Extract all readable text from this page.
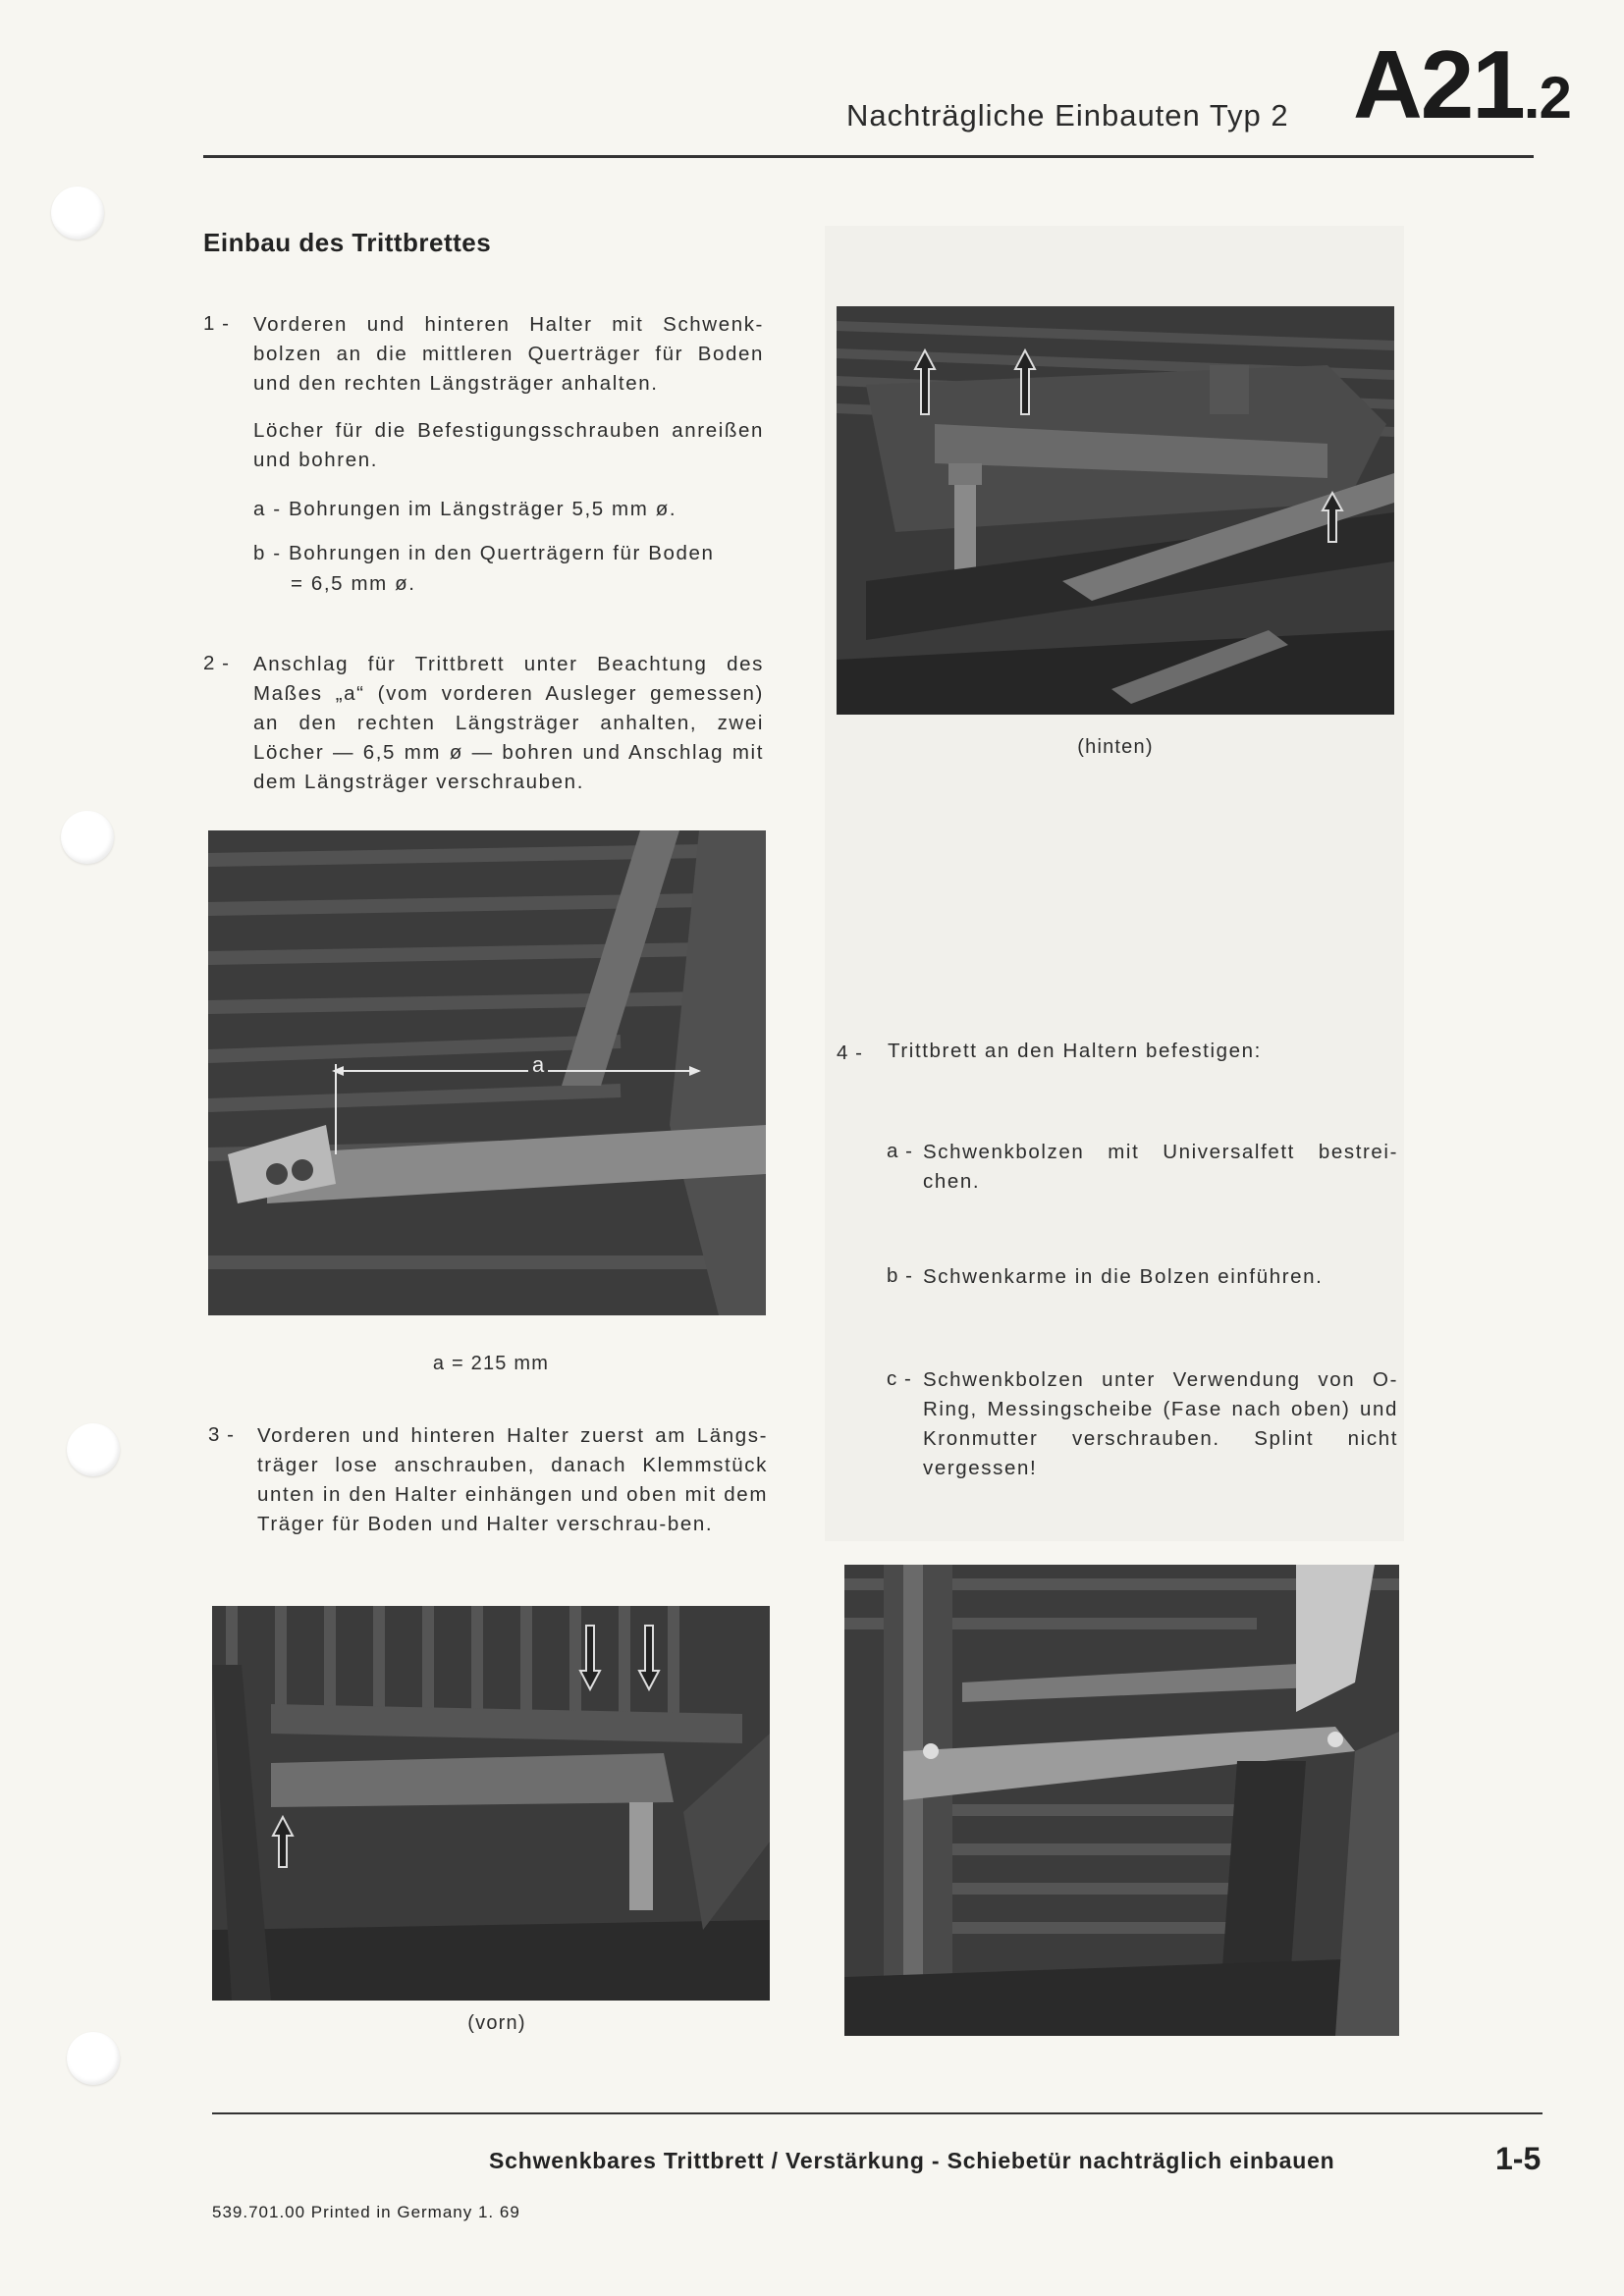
Nachträgliche Einbauten Typ 2 A21.2
Einbau des Trittbrettes
1 - Vorderen und hinteren Halter mit Schwenk-bolzen an die mittleren Querträger für Boden und den rechten Längsträger anhalten.
Löcher für die Befestigungsschrauben anreißen und bohren.
a - Bohrungen im Längsträger 5,5 mm ø.
b - Bohrungen in den Querträgern für Boden
= 6,5 mm ø.
2 - Anschlag für Trittbrett unter Beachtung des Maßes „a“ (vom vorderen Ausleger gemessen) an den rechten Längsträger anhalten, zwei Löcher — 6,5 mm ø — bohren und Anschlag mit dem Längsträger verschrauben.
(hinten)
a
a = 215 mm
3 - Vorderen und hinteren Halter zuerst am Längs-träger lose anschrauben, danach Klemmstück unten in den Halter einhängen und oben mit dem Träger für Boden und Halter verschrau-ben.
(vorn)
4 - Trittbrett an den Haltern befestigen:
a - Schwenkbolzen mit Universalfett bestrei-chen.
b - Schwenkarme in die Bolzen einführen.
c - Schwenkbolzen unter Verwendung von O-Ring, Messingscheibe (Fase nach oben) und Kronmutter verschrauben. Splint nicht vergessen!
Schwenkbares Trittbrett / Verstärkung - Schiebetür nachträglich einbauen	1-5
539.701.00 Printed in Germany 1. 69
